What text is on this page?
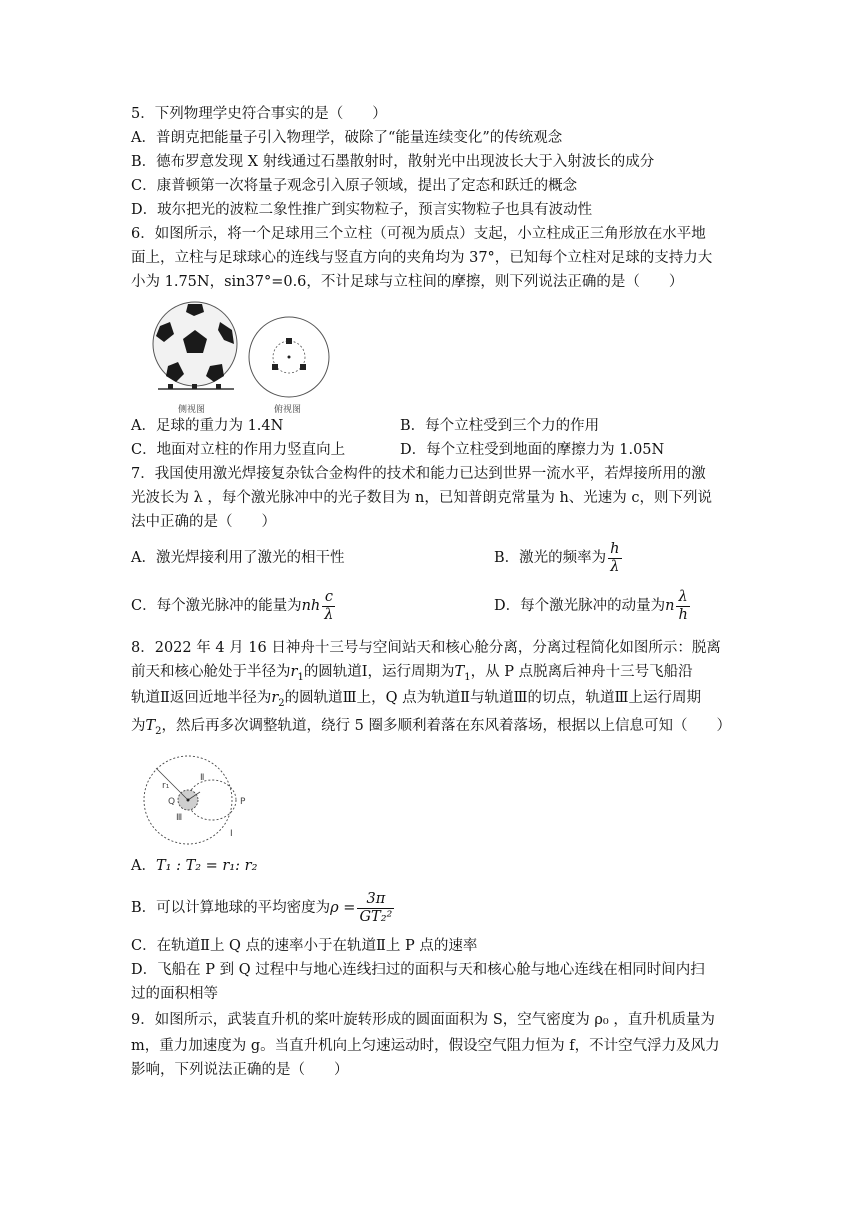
5．下列物理学史符合事实的是（　　）
A．普朗克把能量子引入物理学，破除了“能量连续变化”的传统观念
B．德布罗意发现 X 射线通过石墨散射时，散射光中出现波长大于入射波长的成分
C．康普顿第一次将量子观念引入原子领域，提出了定态和跃迁的概念
D．玻尔把光的波粒二象性推广到实物粒子，预言实物粒子也具有波动性
6．如图所示，将一个足球用三个立柱（可视为质点）支起，小立柱成正三角形放在水平地
面上，立柱与足球球心的连线与竖直方向的夹角均为 37°，已知每个立柱对足球的支持力大
小为 1.75N，sin37°=0.6，不计足球与立柱间的摩擦，则下列说法正确的是（　　）
侧视图	俯视图
A．足球的重力为 1.4N	B．每个立柱受到三个力的作用
C．地面对立柱的作用力竖直向上	D．每个立柱受到地面的摩擦力为 1.05N
7．我国使用激光焊接复杂钛合金构件的技术和能力已达到世界一流水平，若焊接所用的激
光波长为 λ ，每个激光脉冲中的光子数目为 n，已知普朗克常量为 h、光速为 c，则下列说
法中正确的是（　　）
A．激光焊接利用了激光的相干性	B．激光的频率为 $\frac{h}{\lambda}$
C．每个激光脉冲的能量为nh $\frac{c}{\lambda}$	D．每个激光脉冲的动量为n $\frac{\lambda}{h}$
8．2022 年 4 月 16 日神舟十三号与空间站天和核心舱分离，分离过程简化如图所示：脱离
前天和核心舱处于半径为$r_1$的圆轨道Ⅰ，运行周期为$T_1$，从 P 点脱离后神舟十三号飞船沿
轨道Ⅱ返回近地半径为$r_2$的圆轨道Ⅲ上，Q 点为轨道Ⅱ与轨道Ⅲ的切点，轨道Ⅲ上运行周期
为$T_2$，然后再多次调整轨道，绕行 5 圈多顺利着落在东风着落场，根据以上信息可知（　　）
r₁
Q	P
Ⅱ
Ⅲ
Ⅰ
A．T₁ : T₂ = r₁: r₂
B．可以计算地球的平均密度为$\rho = \frac{3\pi}{\text{GT₂²}}$
C．在轨道Ⅱ上 Q 点的速率小于在轨道Ⅱ上 P 点的速率
D．飞船在 P 到 Q 过程中与地心连线扫过的面积与天和核心舱与地心连线在相同时间内扫
过的面积相等
9．如图所示，武装直升机的桨叶旋转形成的圆面面积为 S，空气密度为 ρ₀ ，直升机质量为
m，重力加速度为 g。当直升机向上匀速运动时，假设空气阻力恒为 f，不计空气浮力及风力
影响，下列说法正确的是（　　）
